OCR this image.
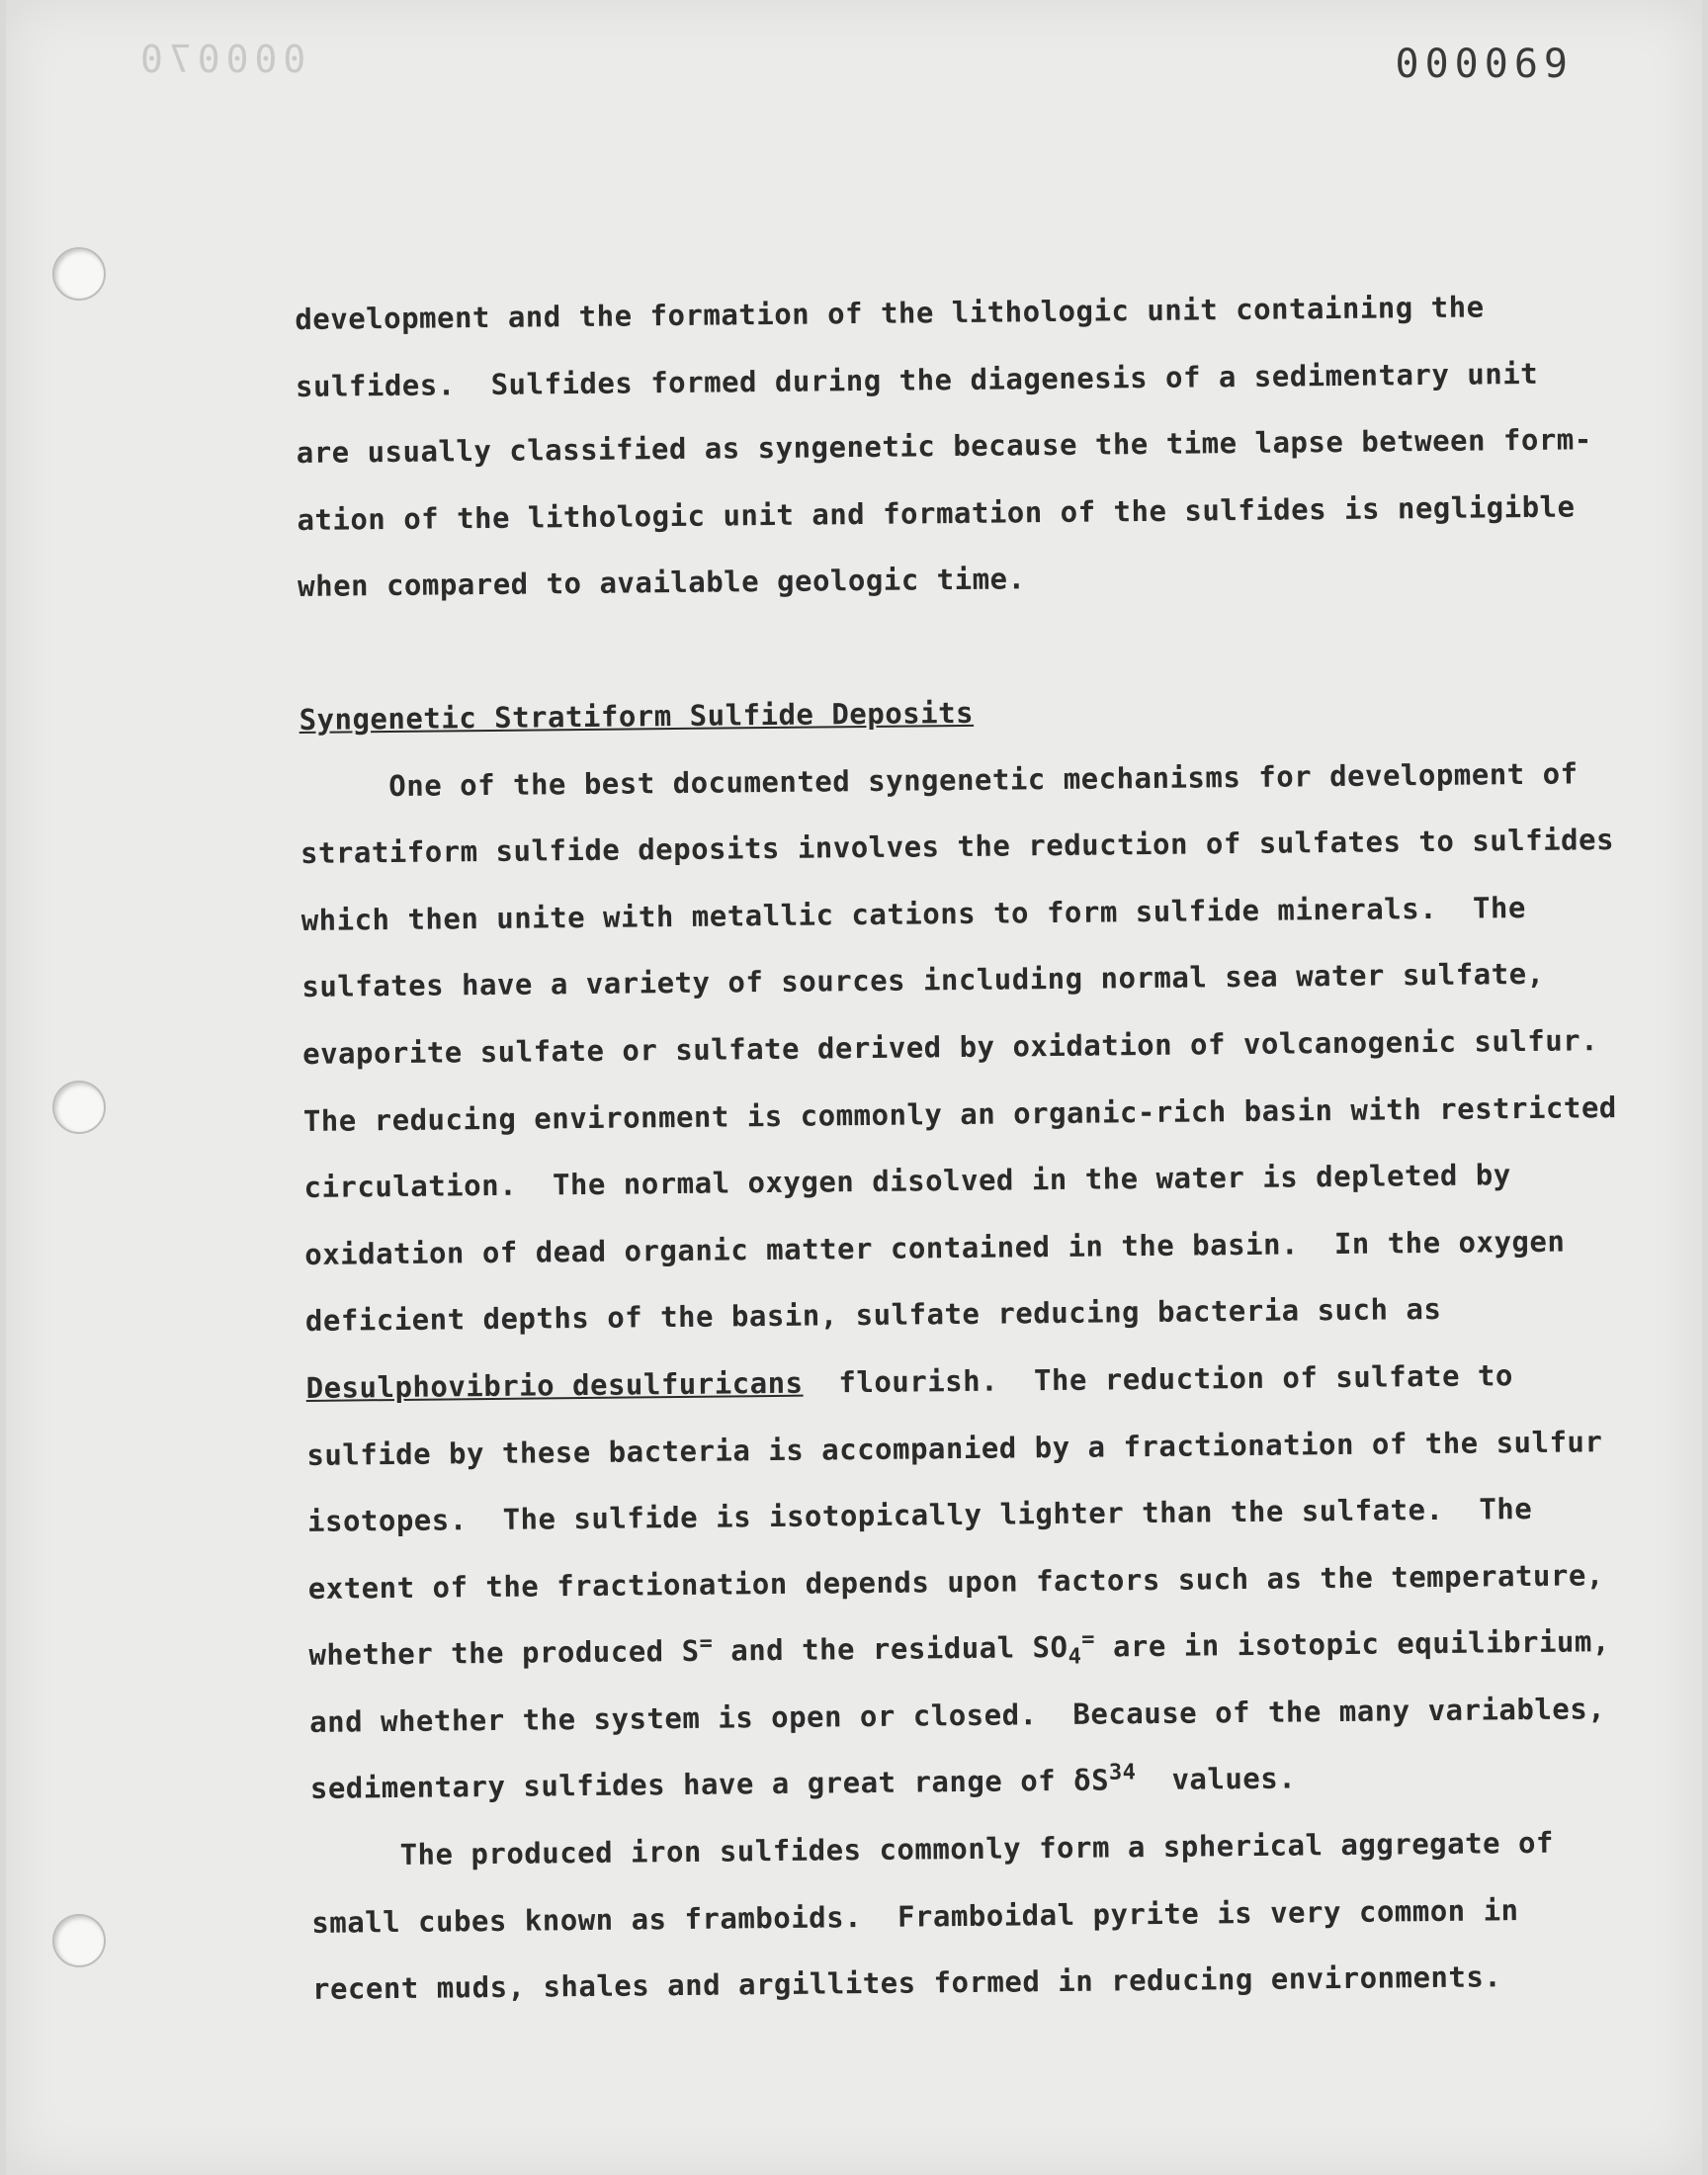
000070	000069
development and the formation of the lithologic unit containing the
sulfides.  Sulfides formed during the diagenesis of a sedimentary unit
are usually classified as syngenetic because the time lapse between form-
ation of the lithologic unit and formation of the sulfides is negligible
when compared to available geologic time.
Syngenetic Stratiform Sulfide Deposits
One of the best documented syngenetic mechanisms for development of
stratiform sulfide deposits involves the reduction of sulfates to sulfides
which then unite with metallic cations to form sulfide minerals.  The
sulfates have a variety of sources including normal sea water sulfate,
evaporite sulfate or sulfate derived by oxidation of volcanogenic sulfur.
The reducing environment is commonly an organic-rich basin with restricted
circulation.  The normal oxygen disolved in the water is depleted by
oxidation of dead organic matter contained in the basin.  In the oxygen
deficient depths of the basin, sulfate reducing bacteria such as
Desulphovibrio desulfuricans  flourish.  The reduction of sulfate to
sulfide by these bacteria is accompanied by a fractionation of the sulfur
isotopes.  The sulfide is isotopically lighter than the sulfate.  The
extent of the fractionation depends upon factors such as the temperature,
whether the produced S= and the residual $SO_4^=$ are in isotopic equilibrium,
and whether the system is open or closed.  Because of the many variables,
sedimentary sulfides have a great range of $\delta S^{34}$  values.
The produced iron sulfides commonly form a spherical aggregate of
small cubes known as framboids.  Framboidal pyrite is very common in
recent muds, shales and argillites formed in reducing environments.
